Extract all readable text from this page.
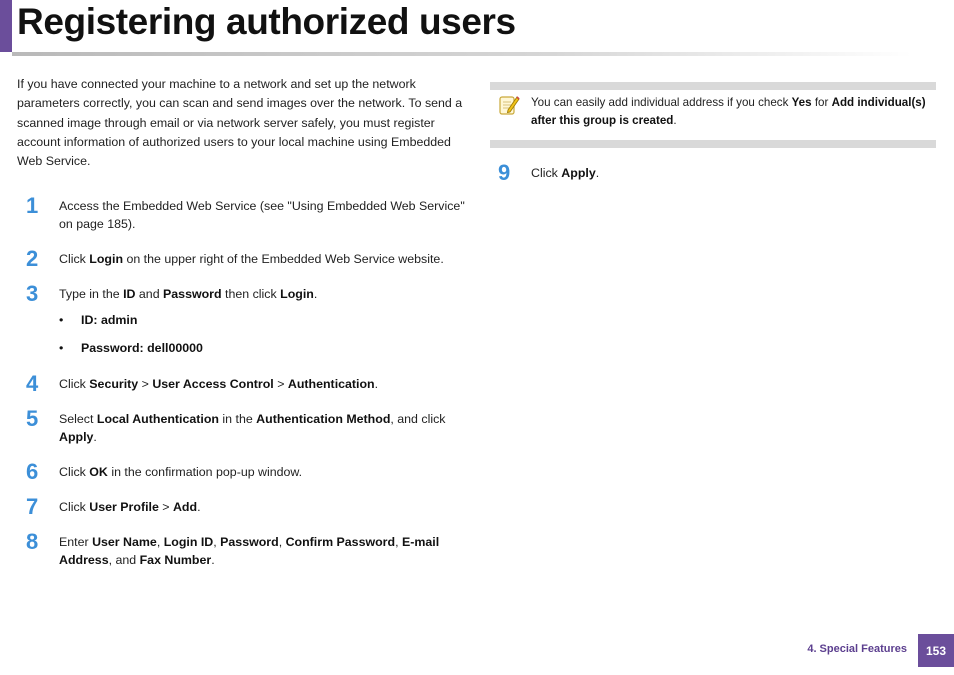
Registering authorized users
If you have connected your machine to a network and set up the network parameters correctly, you can scan and send images over the network. To send a scanned image through email or via network server safely, you must register account information of authorized users to your local machine using Embedded Web Service.
1	Access the Embedded Web Service (see "Using Embedded Web Service" on page 185).
2	Click Login on the upper right of the Embedded Web Service website.
3	Type in the ID and Password then click Login.
• ID: admin
• Password: dell00000
4	Click Security > User Access Control > Authentication.
5	Select Local Authentication in the Authentication Method, and click Apply.
6	Click OK in the confirmation pop-up window.
7	Click User Profile > Add.
8	Enter User Name, Login ID, Password, Confirm Password, E-mail Address, and Fax Number.
You can easily add individual address if you check Yes for Add individual(s) after this group is created.
9	Click Apply.
4. Special Features	153
